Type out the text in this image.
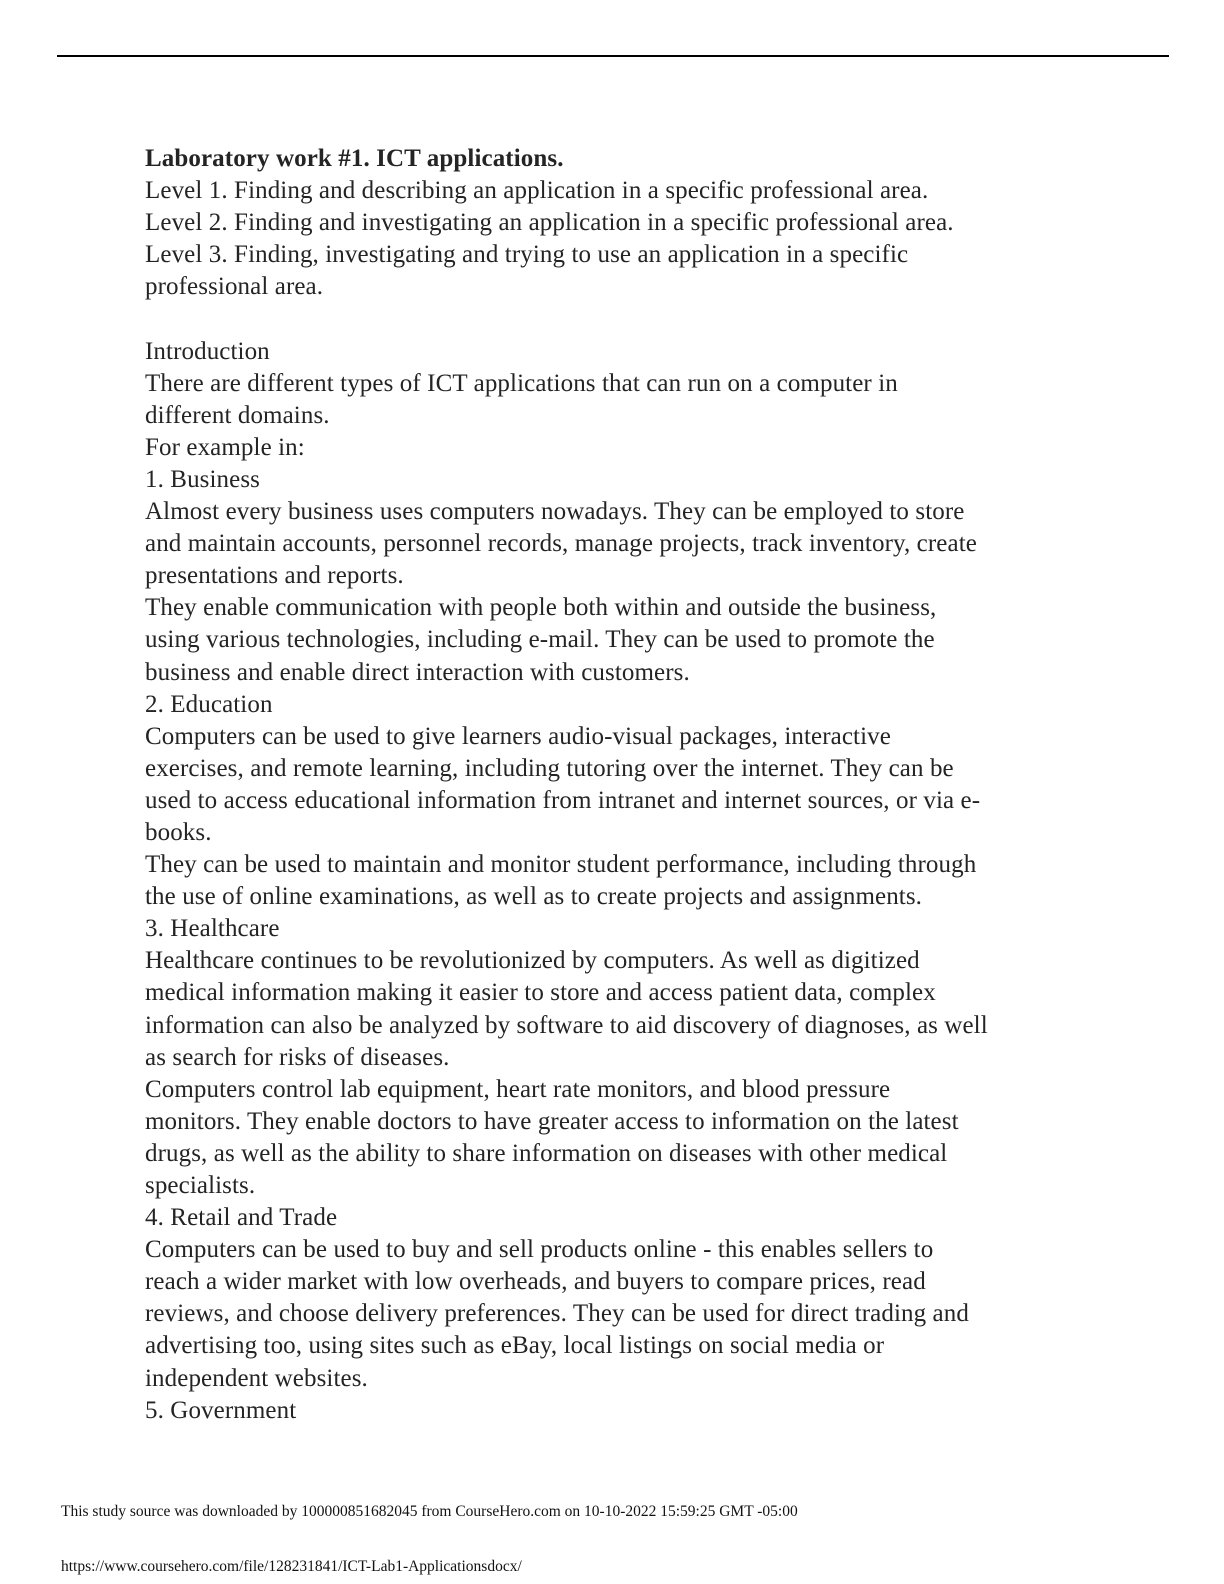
Laboratory work #1. ICT applications.
Level 1. Finding and describing an application in a specific professional area.
Level 2. Finding and investigating an application in a specific professional area.
Level 3. Finding, investigating and trying to use an application in a specific
professional area.

Introduction
There are different types of ICT applications that can run on a computer in
different domains.
For example in:
1. Business
Almost every business uses computers nowadays. They can be employed to store
and maintain accounts, personnel records, manage projects, track inventory, create
presentations and reports.
They enable communication with people both within and outside the business,
using various technologies, including e-mail. They can be used to promote the
business and enable direct interaction with customers.
2. Education
Computers can be used to give learners audio-visual packages, interactive
exercises, and remote learning, including tutoring over the internet. They can be
used to access educational information from intranet and internet sources, or via e-
books.
They can be used to maintain and monitor student performance, including through
the use of online examinations, as well as to create projects and assignments.
3. Healthcare
Healthcare continues to be revolutionized by computers. As well as digitized
medical information making it easier to store and access patient data, complex
information can also be analyzed by software to aid discovery of diagnoses, as well
as search for risks of diseases.
Computers control lab equipment, heart rate monitors, and blood pressure
monitors. They enable doctors to have greater access to information on the latest
drugs, as well as the ability to share information on diseases with other medical
specialists.
4. Retail and Trade
Computers can be used to buy and sell products online - this enables sellers to
reach a wider market with low overheads, and buyers to compare prices, read
reviews, and choose delivery preferences. They can be used for direct trading and
advertising too, using sites such as eBay, local listings on social media or
independent websites.
5. Government
This study source was downloaded by 100000851682045 from CourseHero.com on 10-10-2022 15:59:25 GMT -05:00
https://www.coursehero.com/file/128231841/ICT-Lab1-Applicationsdocx/
